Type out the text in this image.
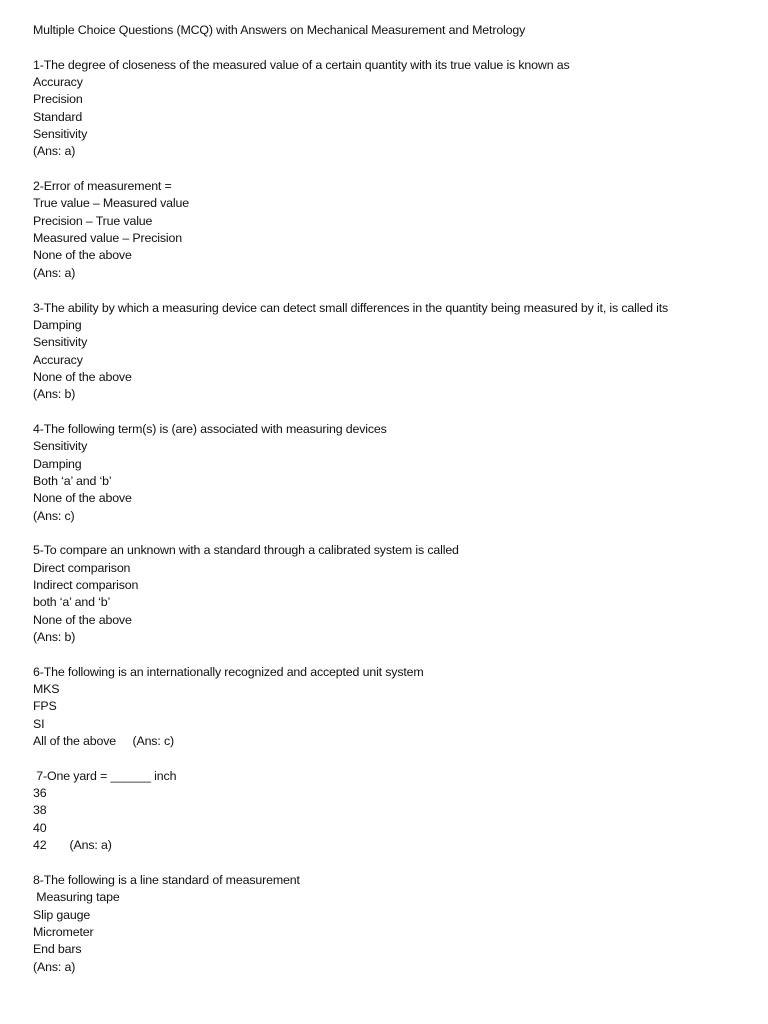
Multiple Choice Questions (MCQ) with Answers on Mechanical Measurement and Metrology
1-The degree of closeness of the measured value of a certain quantity with its true value is known as
Accuracy
Precision
Standard
Sensitivity
(Ans: a)
2-Error of measurement =
True value – Measured value
Precision – True value
Measured value – Precision
None of the above
(Ans: a)
3-The ability by which a measuring device can detect small differences in the quantity being measured by it, is called its
Damping
Sensitivity
Accuracy
None of the above
(Ans: b)
4-The following term(s) is (are) associated with measuring devices
Sensitivity
Damping
Both ‘a’ and ‘b’
None of the above
(Ans: c)
5-To compare an unknown with a standard through a calibrated system is called
Direct comparison
Indirect comparison
both ‘a’ and ‘b’
None of the above
(Ans: b)
6-The following is an internationally recognized and accepted unit system
MKS
FPS
SI
All of the above     (Ans: c)
7-One yard = ______ inch
36
38
40
42       (Ans: a)
8-The following is a line standard of measurement
Measuring tape
Slip gauge
Micrometer
End bars
(Ans: a)
